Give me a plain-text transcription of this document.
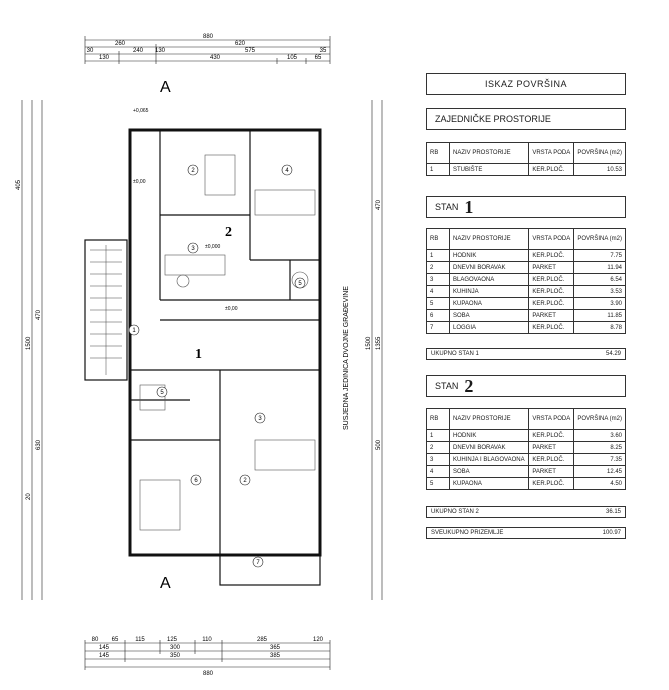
A
A
2
1
2	4
3
5
1
3
5
6	2
7
880
260	620
30	240 130	575	35
130	430	105	65
80 65	115	125	110	285	120
145	300	365
145	350	385
880
405
1500
470
630
20
470
1500 1355
500
SUSJEDNA JEDINICA DVOJNE GRAĐEVINE
+0,065
±0,00
±0,000
±0,00
ISKAZ POVRŠINA
ZAJEDNIČKE PROSTORIJE
RB	NAZIV PROSTORIJE	VRSTA PODA	POVRŠINA (m2)
1	STUBIŠTE	KER.PLOČ.	10.53
STAN 1
RB	NAZIV PROSTORIJE	VRSTA PODA	POVRŠINA (m2)
1	HODNIK	KER.PLOČ.	7.75
2	DNEVNI BORAVAK	PARKET	11.94
3	BLAGOVAONA	KER.PLOČ.	6.54
4	KUHINJA	KER.PLOČ.	3.53
5	KUPAONA	KER.PLOČ.	3.90
6	SOBA	PARKET	11.85
7	LOGGIA	KER.PLOČ.	8.78
UKUPNO STAN 1	54.29
STAN 2
RB	NAZIV PROSTORIJE	VRSTA PODA	POVRŠINA (m2)
1	HODNIK	KER.PLOČ.	3.60
2	DNEVNI BORAVAK	PARKET	8.25
3	KUHINJA I BLAGOVAONA	KER.PLOČ.	7.35
4	SOBA	PARKET	12.45
5	KUPAONA	KER.PLOČ.	4.50
UKUPNO STAN 2	36.15
SVEUKUPNO PRIZEMLJE	100.97
